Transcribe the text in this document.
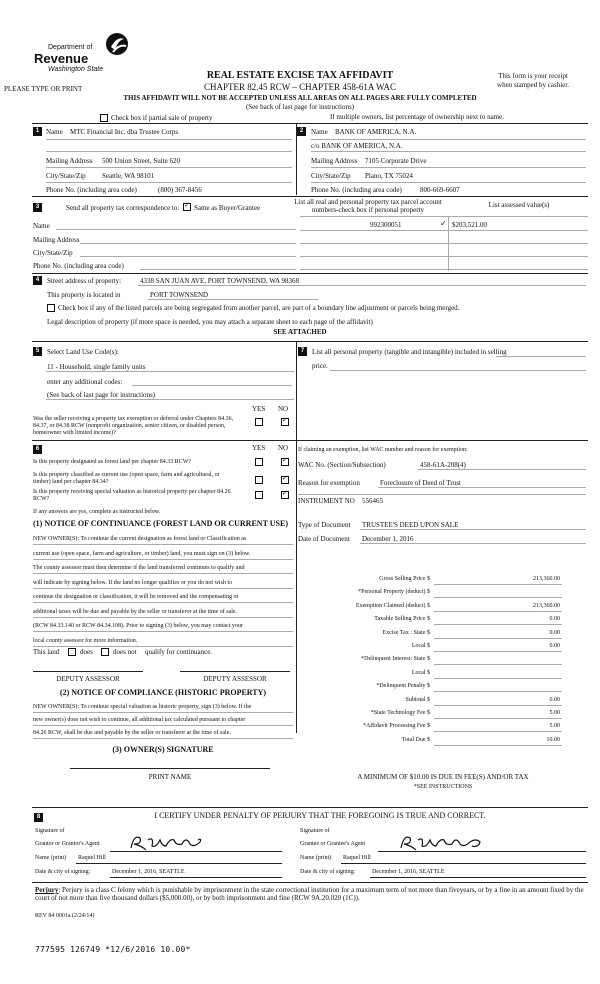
Department of
Revenue
Washington State
PLEASE TYPE OR PRINT
REAL ESTATE EXCISE TAX AFFIDAVIT
CHAPTER 82.45 RCW – CHAPTER 458-61A WAC
This form is your receipt
when stamped by cashier.
THIS AFFIDAVIT WILL NOT BE ACCEPTED UNLESS ALL AREAS ON ALL PAGES ARE FULLY COMPLETED
(See back of last page for instructions)
Check box if partial sale of property	If multiple owners, list percentage of ownership next to name.
1 Name MTC Financial Inc. dba Trustee Corps
Mailing Address 500 Union Street, Suite 620
City/State/Zip Seattle, WA 98101
Phone No. (including area code)	(800) 367-8456
2	Name BANK OF AMERICA, N.A.
c/o BANK OF AMERICA, N.A.
Mailing Address 7105 Corporate Drive
City/State/Zip Plano, TX 75024
Phone No. (including area code)	800-669-6607
3	Send all property tax correspondence to:
✓ Same as Buyer/Grantee
List all real and personal property tax parcel account numbers-check box if personal property
List assessed value(s)
Name	992300051	✓ $203,521.00
Mailing Address
City/State/Zip
Phone No. (including area code)
4	Street address of property:	4338 SAN JUAN AVE, PORT TOWNSEND, WA 98368
This property is located in	PORT TOWNSEND
Check box if any of the listed parcels are being segregated from another parcel, are part of a boundary line adjustment or parcels being merged.
Legal description of property (if more space is needed, you may attach a separate sheet to each page of the affidavit)
SEE ATTACHED
5	Select Land Use Code(s):
11 - Household, single family units
enter any additional codes:
(See back of last page for instructions)
YES NO
Was the seller receiving a property tax exemption or deferral under Chapters 84.36, 84.37, or 84.38 RCW (nonprofit organization, senior citizen, or disabled person, homeowner with limited income)?
✓
7	List all personal property (tangible and intangible) included in selling
price.
6	YES NO
Is this property designated as forest land per chapter 84.33 RCW?
✓
Is this property classified as current use (open space, farm and agricultural, or timber) land per chapter 84.34?
✓
Is this property receiving special valuation as historical property per chapter 84.26 RCW?
✓
If any answers are yes, complete as instructed below.
(1) NOTICE OF CONTINUANCE (FOREST LAND OR CURRENT USE)
NEW OWNER(S): To continue the current designation as forest land or Classification as
current use (open space, farm and agriculture, or timber) land, you must sign on (3) below.
The county assessor must then determine if the land transferred continues to qualify and
will indicate by signing below. If the land no longer qualifies or you do not wish to
continue the designation or classification, it will be removed and the compensating or
additional taxes will be due and payable by the seller or transferor at the time of sale.
(RCW 84.33.140 or RCW 84.34.108). Prior to signing (3) below, you may contact your
local county assessor for more information.
This land	does	does not qualify for continuance.
DEPUTY ASSESSOR	DEPUTY ASSESSOR
(2) NOTICE OF COMPLIANCE (HISTORIC PROPERTY)
NEW OWNER(S): To continue special valuation as historic property, sign (3) below. If the
new owner(s) does not wish to continue, all additional tax calculated pursuant to chapter
84.26 RCW, shall be due and payable by the seller or transferor at the time of sale.
(3) OWNER(S) SIGNATURE
PRINT NAME
If claiming an exemption, list WAC number and reason for exemption:
WAC No. (Section/Subsection)	458-61A-208(4)
Reason for exemption	Foreclosure of Deed of Trust
INSTRUMENT NO 556465
Type of Document TRUSTEE'S DEED UPON SALE
Date of Document December 1, 2016
Gross Selling Price $	213,360.00
*Personal Property (deduct) $
Exemption Claimed (deduct) $	213,360.00
Taxable Selling Price $	0.00
Excise Tax : State $	0.00
Local $	0.00
*Delinquent Interest: State $
Local $
*Delinquent Penalty $
Subtotal $	0.00
*State Technology Fee $	5.00
*Affidavit Processing Fee $	5.00
Total Due $	10.00
A MINIMUM OF $10.00 IS DUE IN FEE(S) AND/OR TAX
*SEE INSTRUCTIONS
8	I CERTIFY UNDER PENALTY OF PERJURY THAT THE FOREGOING IS TRUE AND CORRECT.
Signature of
Grantor or Grantor's Agent
Name (print) Raquel Hill
Date & city of signing:	December 1, 2016, SEATTLE
Signature of
Grantee or Grantee's Agent
Name (print) Raquel Hill
Date & city of signing:	December 1, 2016, SEATTLE
Perjury: Perjury is a class C felony which is punishable by imprisonment in the state correctional institution for a maximum term of not more than fiveyears, or by a fine in an amount fixed by the court of not more than five thousand dollars ($5,000.00), or by both imprisonment and fine (RCW 9A.20.020 (1C)).
REV 84 0001a (2/24/14)
777595 126749 *12/6/2016 10.00*
